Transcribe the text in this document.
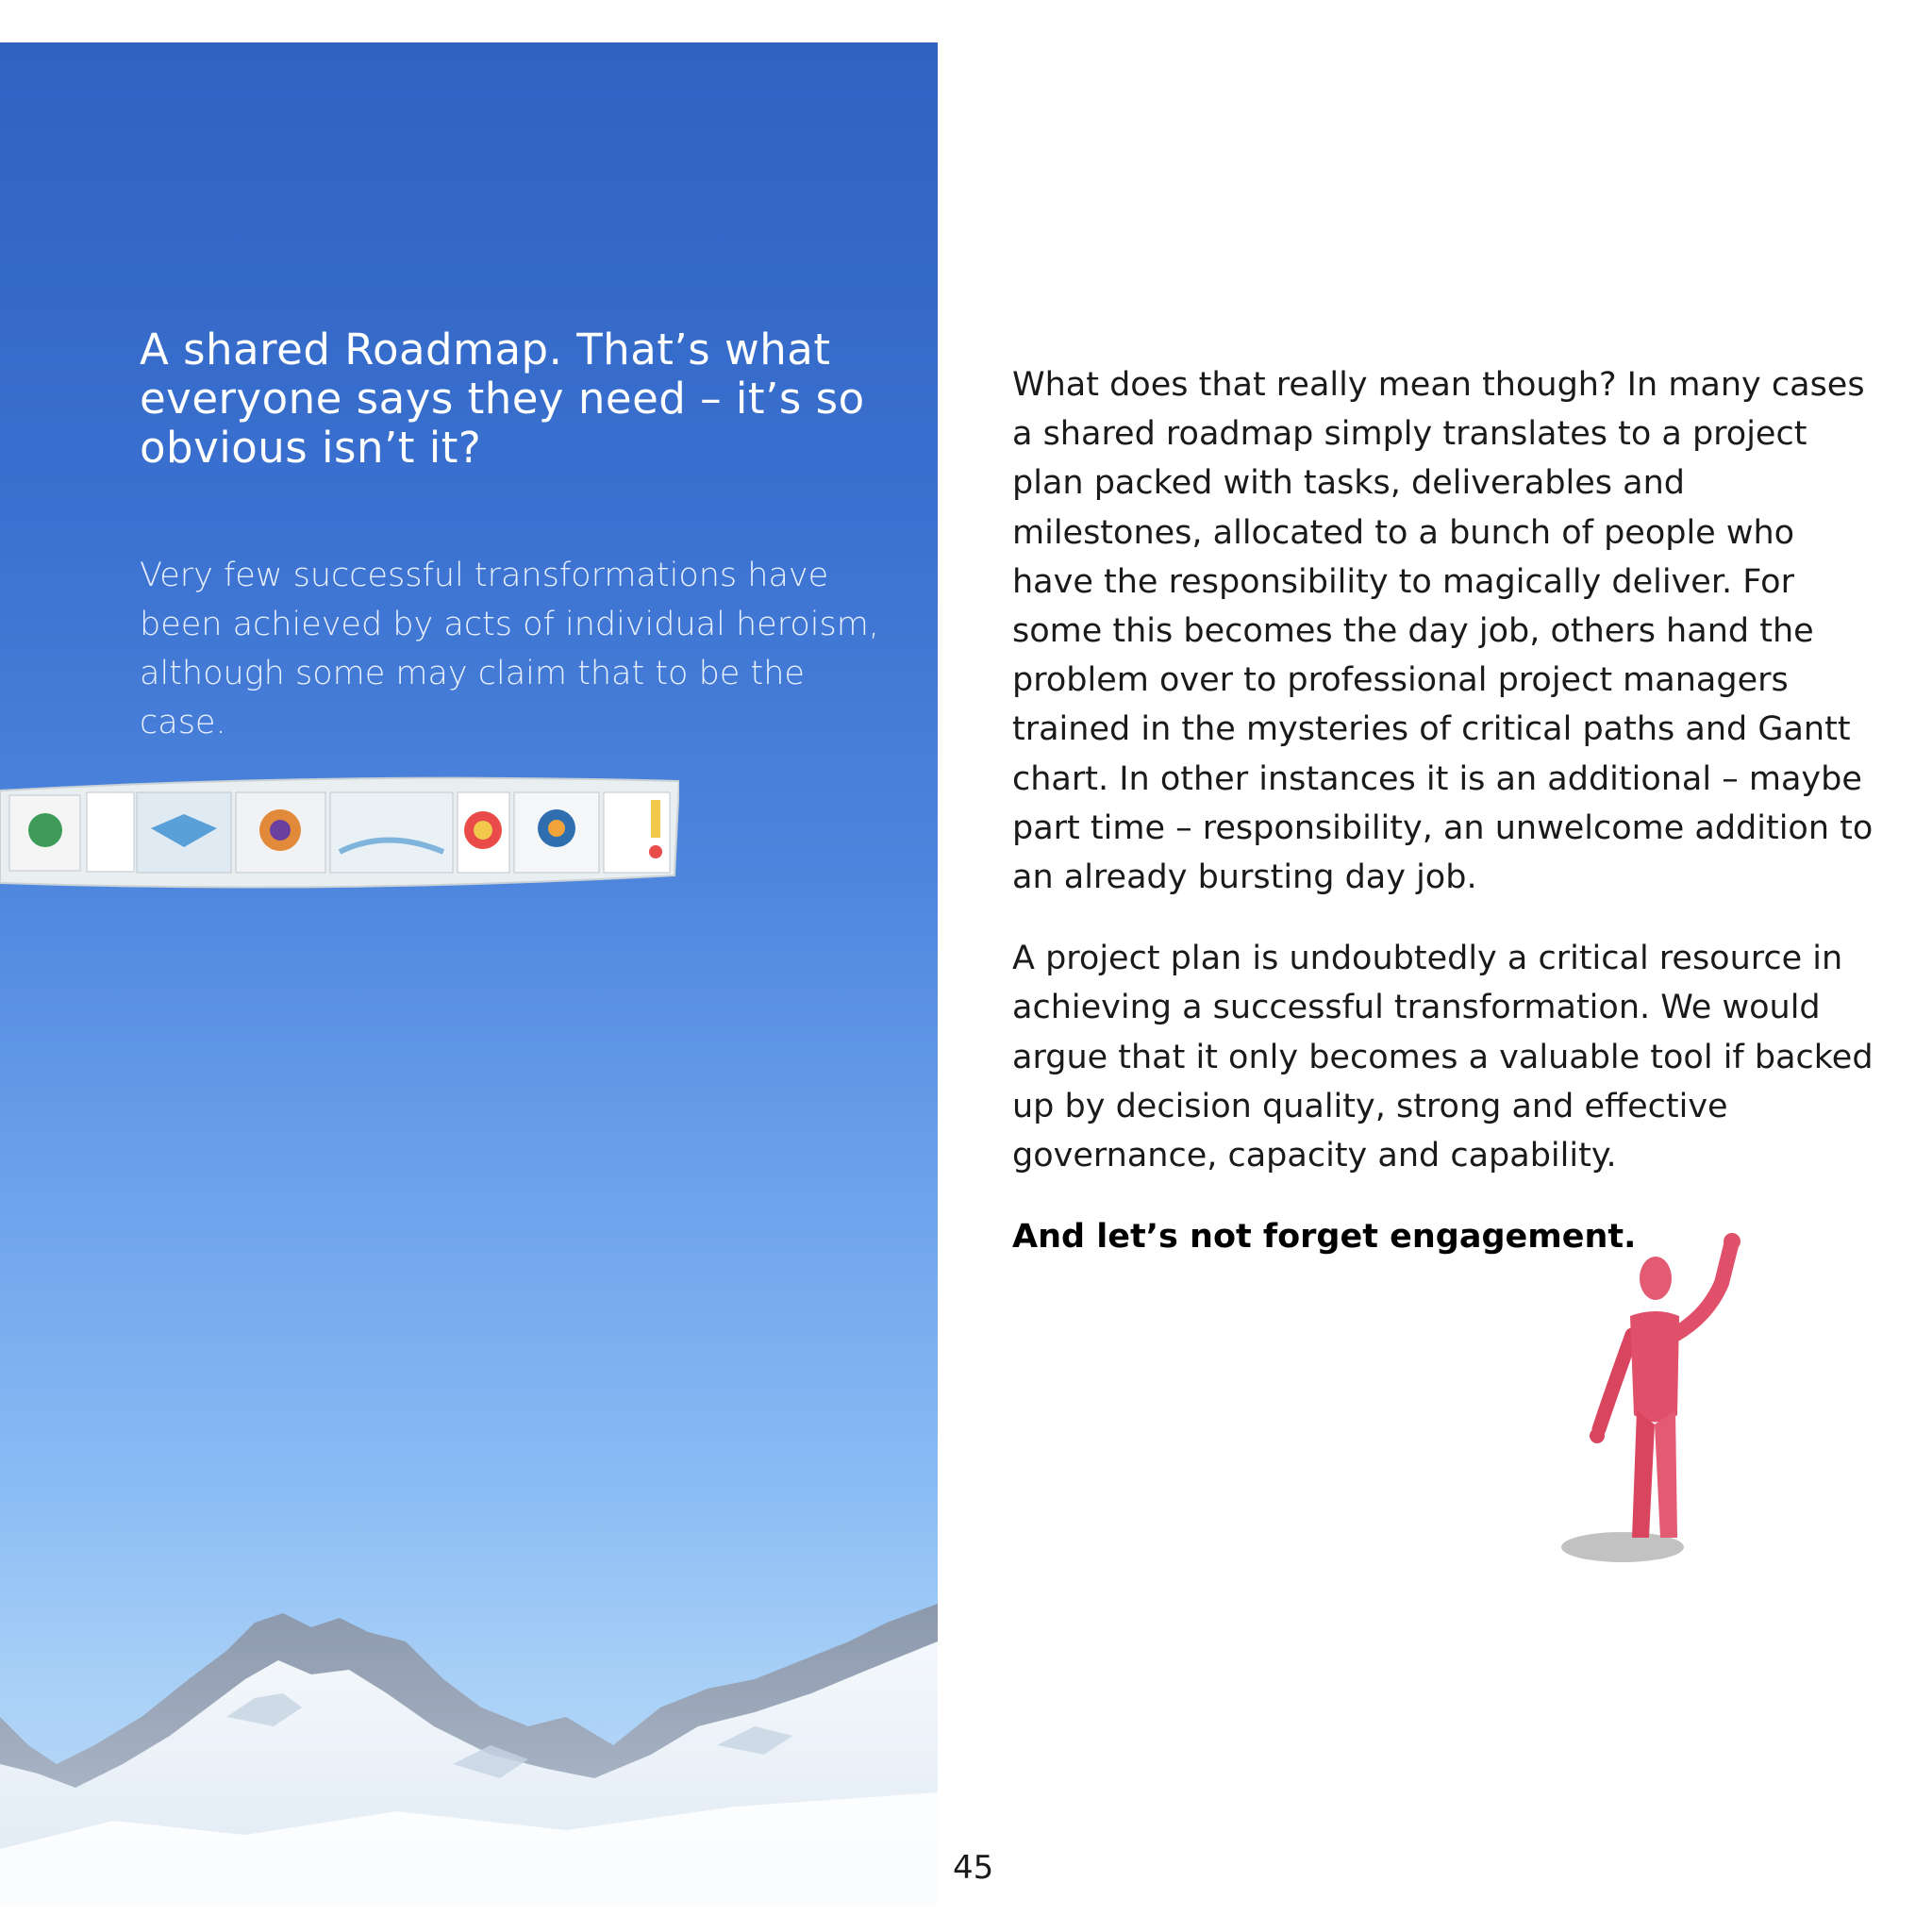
A shared Roadmap. That’s what everyone says they need – it’s so obvious isn’t it?

Very few successful transformations have been achieved by acts of individual heroism, although some may claim that to be the case.

What does that really mean though? In many cases a shared roadmap simply translates to a project plan packed with tasks, deliverables and milestones, allocated to a bunch of people who have the responsibility to magically deliver. For some this becomes the day job, others hand the problem over to professional project managers trained in the mysteries of critical paths and Gantt chart. In other instances it is an additional – maybe part time – responsibility, an unwelcome addition to an already bursting day job.

A project plan is undoubtedly a critical resource in achieving a successful transformation. We would argue that it only becomes a valuable tool if backed up by decision quality, strong and effective governance, capacity and capability.

And let’s not forget engagement.

45
